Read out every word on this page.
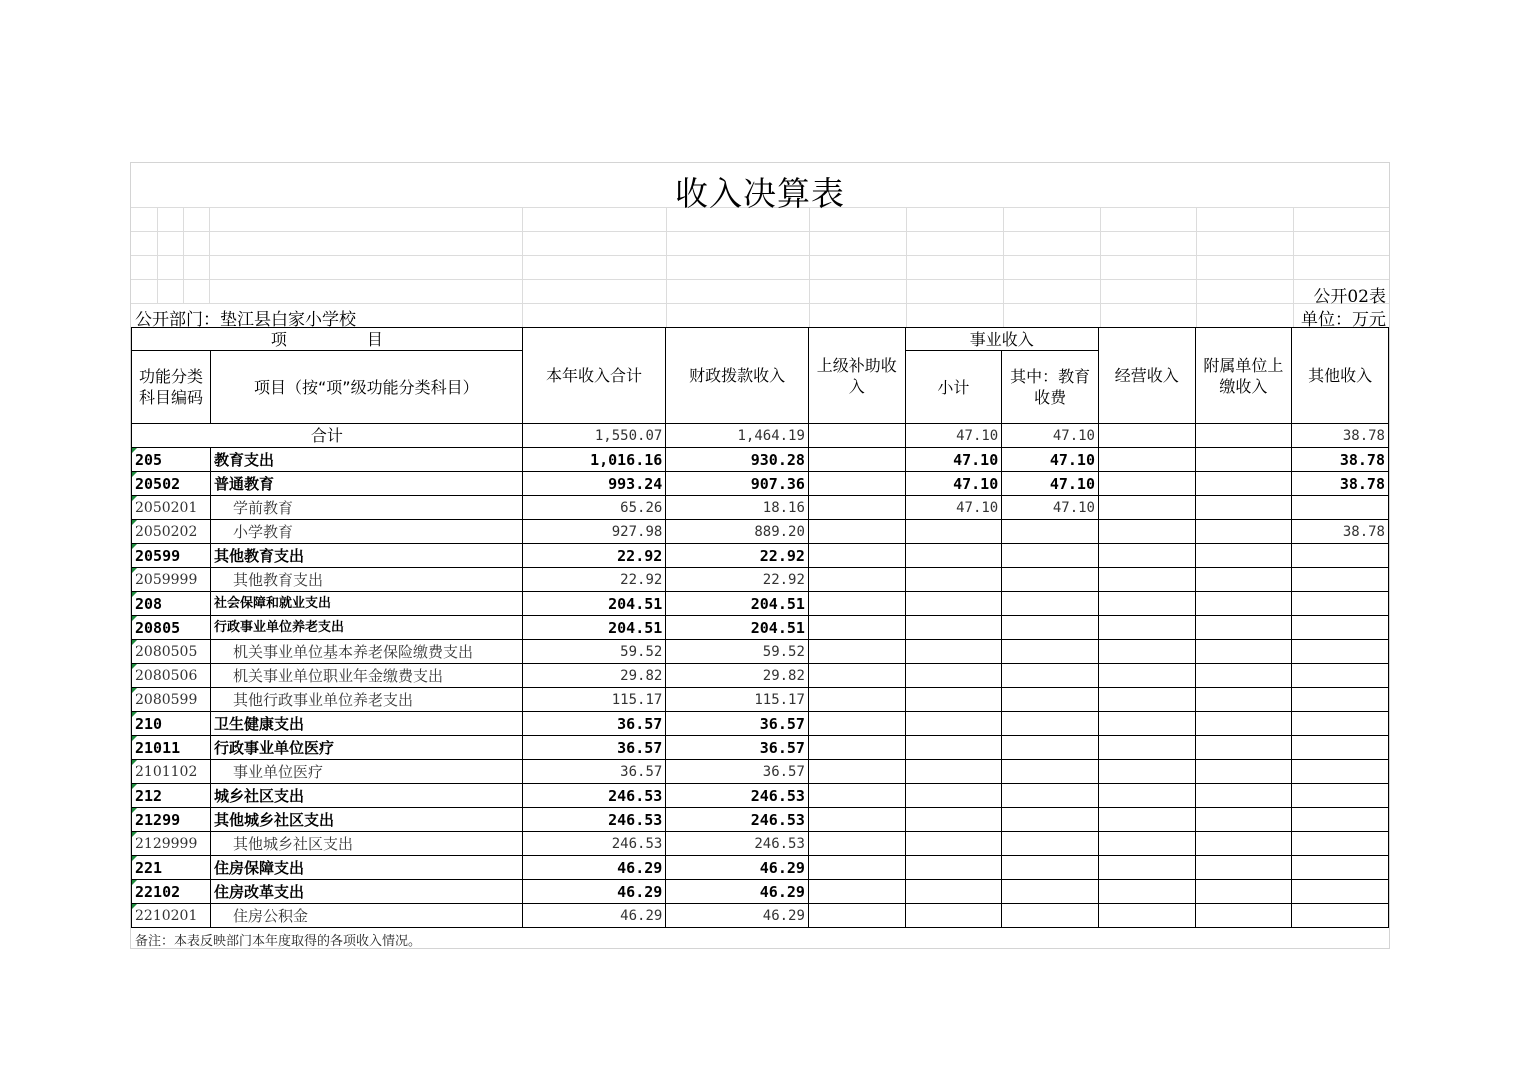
收入决算表
公开02表
公开部门：垫江县白家小学校	单位：万元
项　　　　　目		本年收入合计	财政拨款收入	上级补助收入	事业收入		经营收入	附属单位上缴收入	其他收入
功能分类科目编码	项目（按“项”级功能分类科目）				小计	其中：教育收费			
合计		1,550.07	1,464.19		47.10	47.10			38.78
205	教育支出	1,016.16	930.28		47.10	47.10			38.78
20502	普通教育	993.24	907.36		47.10	47.10			38.78
2050201	学前教育	65.26	18.16		47.10	47.10			
2050202	小学教育	927.98	889.20						38.78
20599	其他教育支出	22.92	22.92						
2059999	其他教育支出	22.92	22.92						
208	社会保障和就业支出	204.51	204.51						
20805	行政事业单位养老支出	204.51	204.51						
2080505	机关事业单位基本养老保险缴费支出	59.52	59.52						
2080506	机关事业单位职业年金缴费支出	29.82	29.82						
2080599	其他行政事业单位养老支出	115.17	115.17						
210	卫生健康支出	36.57	36.57						
21011	行政事业单位医疗	36.57	36.57						
2101102	事业单位医疗	36.57	36.57						
212	城乡社区支出	246.53	246.53						
21299	其他城乡社区支出	246.53	246.53						
2129999	其他城乡社区支出	246.53	246.53						
221	住房保障支出	46.29	46.29						
22102	住房改革支出	46.29	46.29						
2210201	住房公积金	46.29	46.29						
备注：本表反映部门本年度取得的各项收入情况。
